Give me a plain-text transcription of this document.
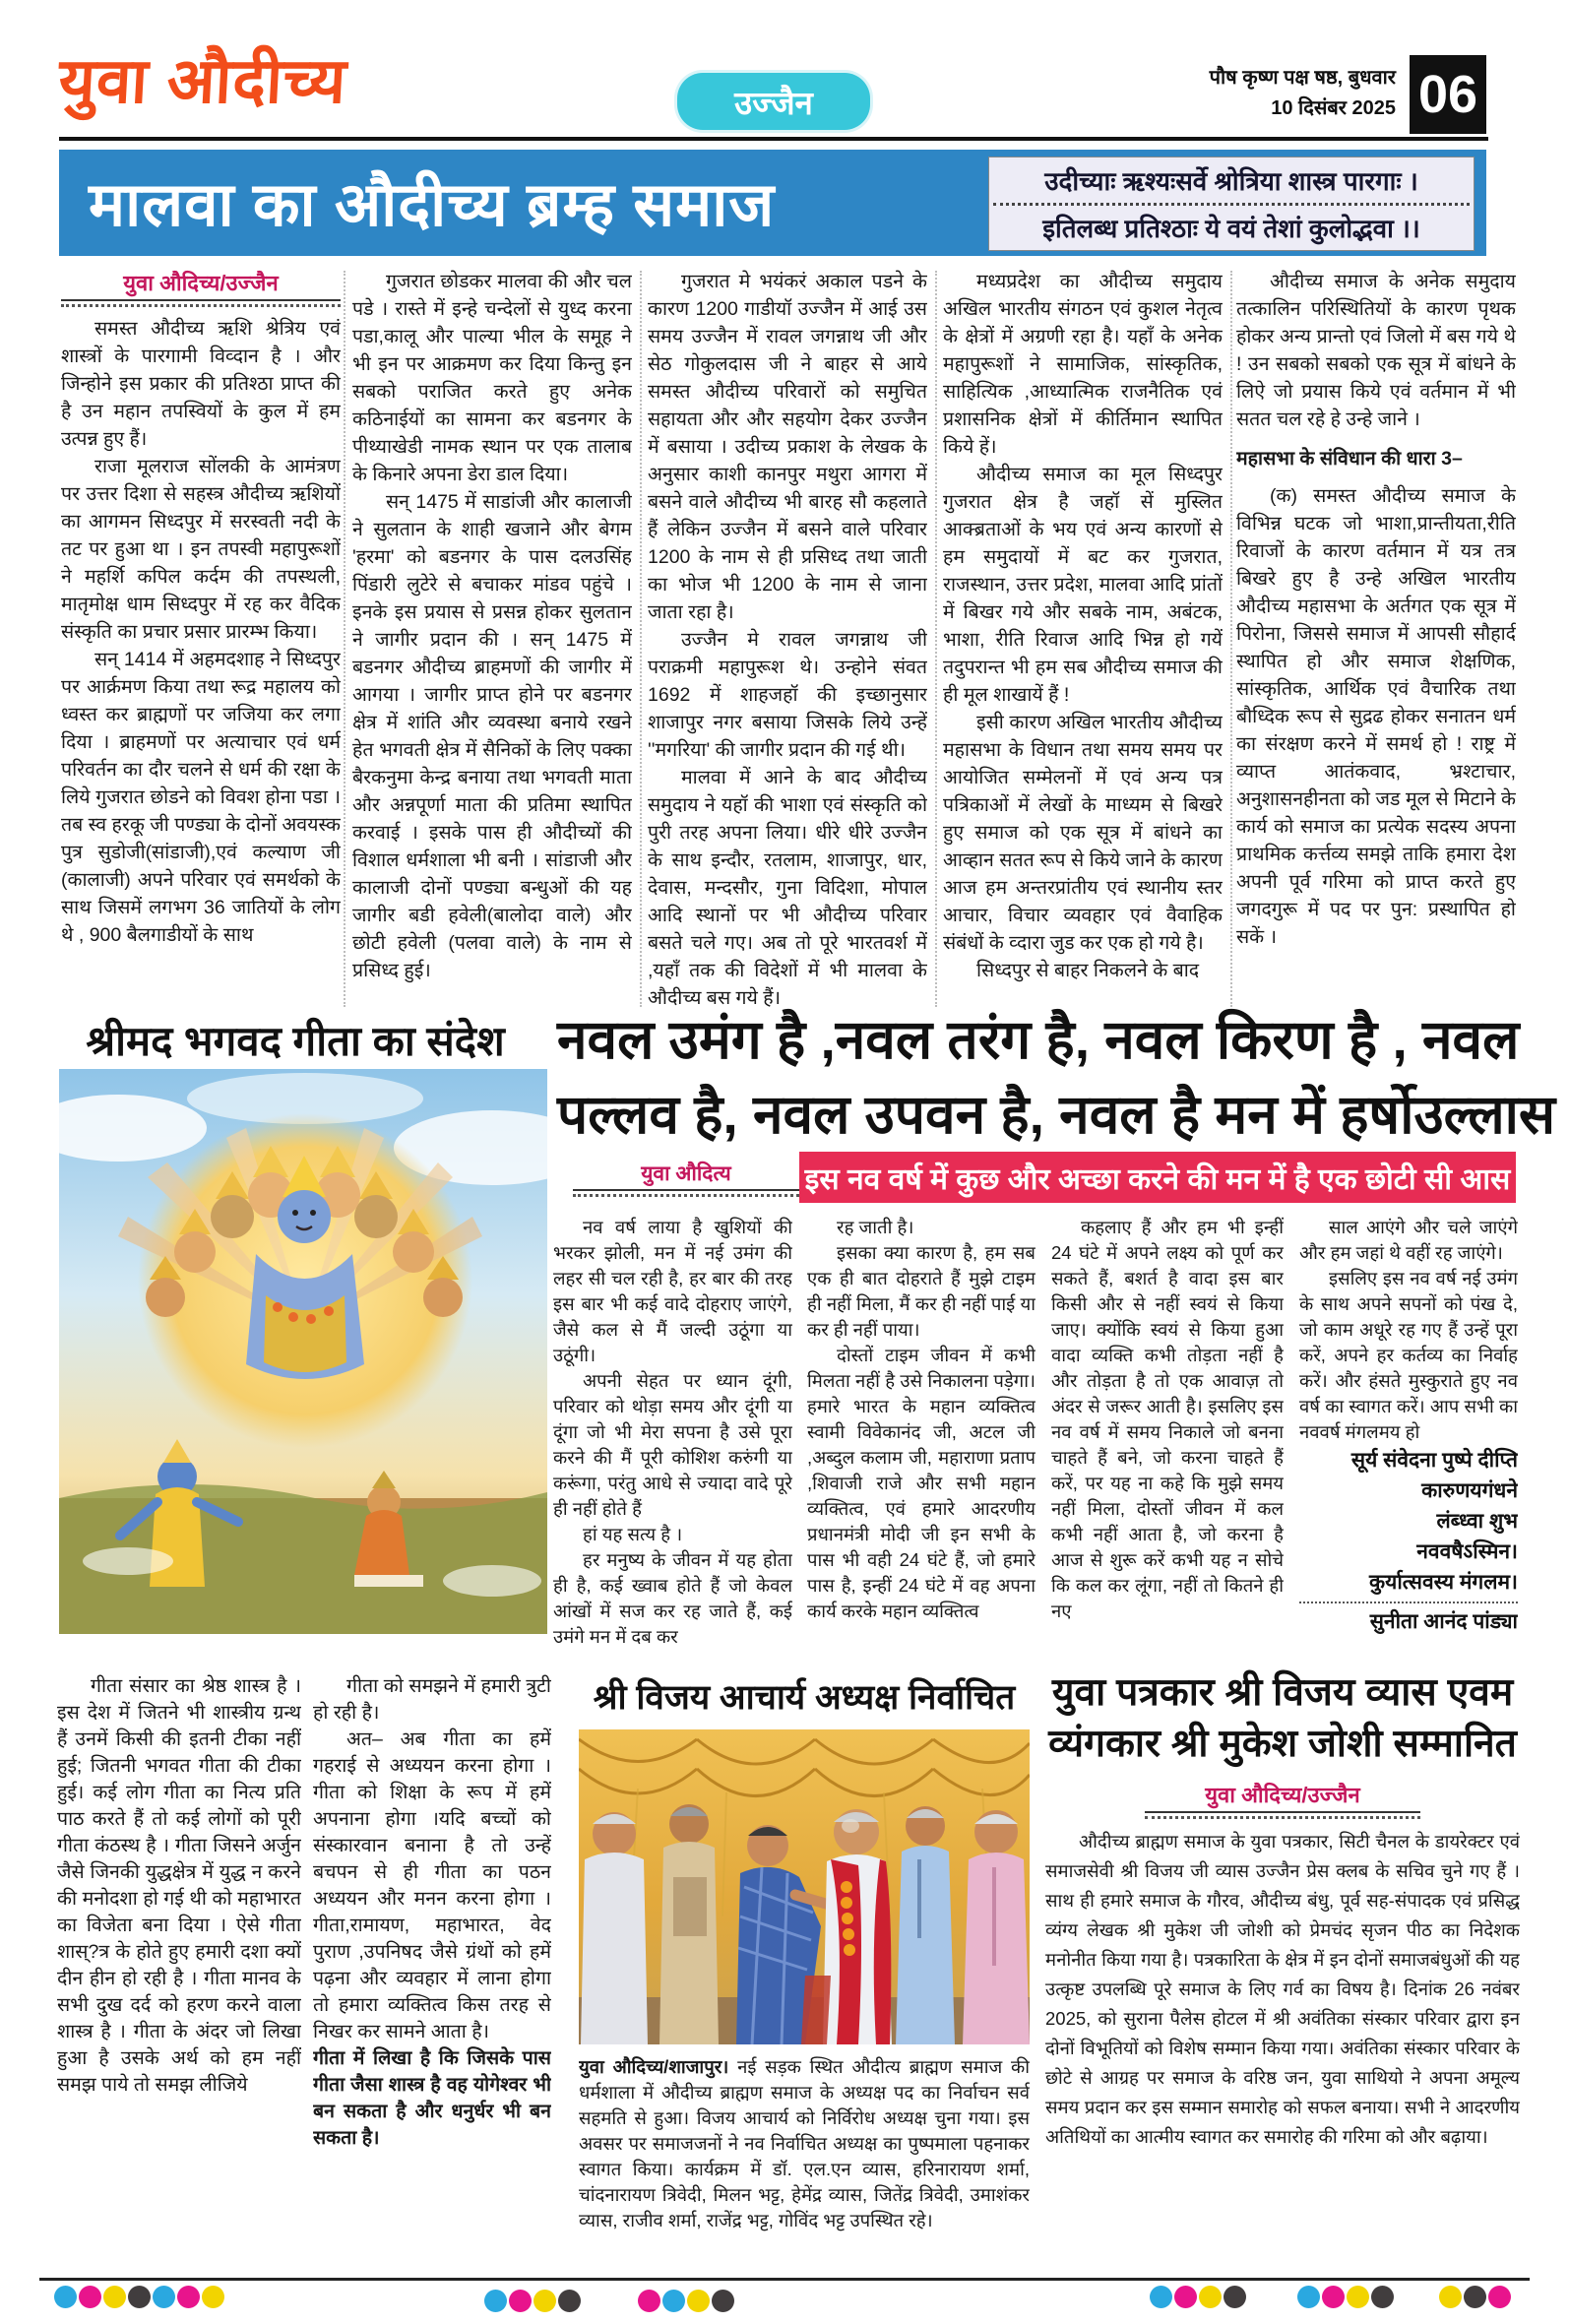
युवा औदीच्य	उज्जैन
पौष कृष्ण पक्ष षष्ठ, बुधवार
10 दिसंबर 2025 06
मालवा का औदीच्य ब्रम्ह समाज	उदीच्याः ऋश्यःसर्वे श्रोत्रिया शास्त्र पारगाः ।
इतिलब्ध प्रतिश्ठाः ये वयं तेशां कुलोद्भवा ।।
युवा औदिच्य/उज्जैन

समस्त औदीच्य ऋशि श्रेत्रिय एवं शास्त्रों के पारगामी विव्दान है । और जिन्होने इस प्रकार की प्रतिश्ठा प्राप्त की है उन महान तपस्वियों के कुल में हम उत्पन्न हुए हैं।

राजा मूलराज सोंलकी के आमंत्रण पर उत्तर दिशा से सहस्त्र औदीच्य ऋशियों का आगमन सिध्दपुर में सरस्वती नदी के तट पर हुआ था । इन तपस्वी महापुरूशों ने महर्शि कपिल कर्दम की तपस्थली, मातृमोक्ष धाम सिध्दपुर में रह कर वैदिक संस्कृति का प्रचार प्रसार प्रारम्भ किया।

सन् 1414 में अहमदशाह ने सिध्दपुर पर आर्क्रमण किया तथा रूद्र महालय को ध्वस्त कर ब्राह्मणों पर जजिया कर लगा दिया । ब्राहमणों पर अत्याचार एवं धर्म परिवर्तन का दौर चलने से धर्म की रक्षा के लिये गुजरात छोडने को विवश होना पडा । तब स्व हरकू जी पण्ड्या के दोनों अवयस्क पुत्र सुडोजी(सांडाजी),एवं कल्याण जी (कालाजी) अपने परिवार एवं समर्थको के साथ जिसमें लगभग 36 जातियों के लोग थे , 900 बैलगाडीयों के साथ

गुजरात छोडकर मालवा की और चल पडे । रास्ते में इन्हे चन्देलों से युध्द करना पडा,कालू और पाल्या भील के समूह ने भी इन पर आक्रमण कर दिया किन्तु इन सबको पराजित करते हुए अनेक कठिनाईयों का सामना कर बडनगर के पीथ्याखेडी नामक स्थान पर एक तालाब के किनारे अपना डेरा डाल दिया।

सन् 1475 में साडांजी और कालाजी ने सुलतान के शाही खजाने और बेगम 'हरमा' को बडनगर के पास दलउसिंह पिंडारी लुटेरे से बचाकर मांडव पहुंचे । इनके इस प्रयास से प्रसन्न होकर सुलतान ने जागीर प्रदान की । सन् 1475 में बडनगर औदीच्य ब्राहमणों की जागीर में आगया । जागीर प्राप्त होने पर बडनगर क्षेत्र में शांति और व्यवस्था बनाये रखने हेत भगवती क्षेत्र में सैनिकों के लिए पक्का बैरकनुमा केन्द्र बनाया तथा भगवती माता और अन्नपूर्णा माता की प्रतिमा स्थापित करवाई । इसके पास ही औदीच्यों की विशाल धर्मशाला भी बनी । सांडाजी और कालाजी दोनों पण्ड्या बन्धुओं की यह जागीर बडी हवेली(बालोदा वाले) और छोटी हवेली (पलवा वाले) के नाम से प्रसिध्द हुई।

गुजरात मे भयंकरं अकाल पडने के कारण 1200 गाडीयॉ उज्जैन में आई उस समय उज्जैन में रावल जगन्नाथ जी और सेठ गोकुलदास जी ने बाहर से आये समस्त औदीच्य परिवारों को समुचित सहायता और और सहयोग देकर उज्जैन में बसाया । उदीच्य प्रकाश के लेखक के अनुसार काशी कानपुर मथुरा आगरा में बसने वाले औदीच्य भी बारह सौ कहलाते हैं लेकिन उज्जैन में बसने वाले परिवार 1200 के नाम से ही प्रसिध्द तथा जाती का भोज भी 1200 के नाम से जाना जाता रहा है।

उज्जैन मे रावल जगन्नाथ जी पराक्रमी महापुरूश थे। उन्होने संवत 1692 में शाहजहॉ की इच्छानुसार शाजापुर नगर बसाया जिसके लिये उन्हें ''मगरिया' की जागीर प्रदान की गई थी।

मालवा में आने के बाद औदीच्य समुदाय ने यहॉ की भाशा एवं संस्कृति को पुरी तरह अपना लिया। धीरे धीरे उज्जैन के साथ इन्दौर, रतलाम, शाजापुर, धार, देवास, मन्दसौर, गुना विदिशा, मोपाल आदि स्थानों पर भी औदीच्य परिवार बसते चले गए। अब तो पूरे भारतवर्श में ,यहाँ तक की विदेशों में भी मालवा के औदीच्य बस गये हैं।

मध्यप्रदेश का औदीच्य समुदाय अखिल भारतीय संगठन एवं कुशल नेतृत्व के क्षेत्रों में अग्रणी रहा है। यहाँ के अनेक महापुरूशों ने सामाजिक, सांस्कृतिक, साहित्यिक ,आध्यात्मिक राजनैतिक एवं प्रशासनिक क्षेत्रों में कीर्तिमान स्थापित किये हें।

औदीच्य समाज का मूल सिध्दपुर गुजरात क्षेत्र है जहॉ सें मुस्लित आक्ब्रताओं के भय एवं अन्य कारणों से हम समुदायों में बट कर गुजरात, राजस्थान, उत्तर प्रदेश, मालवा आदि प्रांतों में बिखर गये और सबके नाम, अबंटक, भाशा, रीति रिवाज आदि भिन्न हो गयें तदुपरान्त भी हम सब औदीच्य समाज की ही मूल शाखायें हैं !

इसी कारण अखिल भारतीय औदीच्य महासभा के विधान तथा समय समय पर आयोजित सम्मेलनों में एवं अन्य पत्र पत्रिकाओं में लेखों के माध्यम से बिखरे हुए समाज को एक सूत्र में बांधने का आव्हान सतत रूप से किये जाने के कारण आज हम अन्तरप्रांतीय एवं स्थानीय स्तर आचार, विचार व्यवहार एवं वैवाहिक संबंधों के व्दारा जुड कर एक हो गये है।

सिध्दपुर से बाहर निकलने के बाद

औदीच्य समाज के अनेक समुदाय तत्कालिन परिस्थितियों के कारण पृथक होकर अन्य प्रान्तो एवं जिलो में बस गये थे ! उन सबको सबको एक सूत्र में बांधने के लिऐ जो प्रयास किये एवं वर्तमान में भी सतत चल रहे हे उन्हे जाने ।

महासभा के संविधान की धारा 3–

(क) समस्त औदीच्य समाज के विभिन्न घटक जो भाशा,प्रान्तीयता,रीति रिवाजों के कारण वर्तमान में यत्र तत्र बिखरे हुए है उन्हे अखिल भारतीय औदीच्य महासभा के अर्तगत एक सूत्र में पिरोना, जिससे समाज में आपसी सौहार्द स्थापित हो और समाज शेक्षणिक, सांस्कृतिक, आर्थिक एवं वैचारिक तथा बौध्दिक रूप से सुद्रढ होकर सनातन धर्म का संरक्षण करने में समर्थ हो ! राष्ट्र में व्याप्त आतंकवाद, भ्रश्टाचार, अनुशासनहीनता को जड मूल से मिटाने के कार्य को समाज का प्रत्येक सदस्य अपना प्राथमिक कर्त्तव्य समझे ताकि हमारा देश अपनी पूर्व गरिमा को प्राप्त करते हुए जगदगुरू में पद पर पुन: प्रस्थापित हो सकें ।

श्रीमद भगवद गीता का संदेश नवल उमंग है ,नवल तरंग है, नवल किरण है , नवल पल्लव है, नवल उपवन है, नवल है मन में हर्षोउल्लास
युवा औदित्य	इस नव वर्ष में कुछ और अच्छा करने की मन में है एक छोटी सी आस

नव वर्ष लाया है खुशियों की भरकर झोली, मन में नई उमंग की लहर सी चल रही है, हर बार की तरह इस बार भी कई वादे दोहराए जाएंगे, जैसे कल से मैं जल्दी उठूंगा या उठूंगी।

अपनी सेहत पर ध्यान दूंगी, परिवार को थोड़ा समय और दूंगी या दूंगा जो भी मेरा सपना है उसे पूरा करने की मैं पूरी कोशिश करुंगी या करूंगा, परंतु आधे से ज्यादा वादे पूरे ही नहीं होते हैं

हां यह सत्य है ।

हर मनुष्य के जीवन में यह होता ही है, कई ख्वाब होते हैं जो केवल आंखों में सज कर रह जाते हैं, कई उमंगे मन में दब कर

रह जाती है।

इसका क्या कारण है, हम सब एक ही बात दोहराते हैं मुझे टाइम ही नहीं मिला, मैं कर ही नहीं पाई या कर ही नहीं पाया।

दोस्तों टाइम जीवन में कभी मिलता नहीं है उसे निकालना पड़ेगा। हमारे भारत के महान व्यक्तित्व स्वामी विवेकानंद जी, अटल जी ,अब्दुल कलाम जी, महाराणा प्रताप ,शिवाजी राजे और सभी महान व्यक्तित्व, एवं हमारे आदरणीय प्रधानमंत्री मोदी जी इन सभी के पास भी वही 24 घंटे हैं, जो हमारे पास है, इन्हीं 24 घंटे में वह अपना कार्य करके महान व्यक्तित्व

कहलाए हैं और हम भी इन्हीं 24 घंटे में अपने लक्ष्य को पूर्ण कर सकते हैं, बशर्त है वादा इस बार किसी और से नहीं स्वयं से किया जाए। क्योंकि स्वयं से किया हुआ वादा व्यक्ति कभी तोड़ता नहीं है और तोड़ता है तो एक आवाज़ तो अंदर से जरूर आती है। इसलिए इस नव वर्ष में समय निकाले जो बनना चाहते हैं बने, जो करना चाहते हैं करें, पर यह ना कहे कि मुझे समय नहीं मिला, दोस्तों जीवन में कल कभी नहीं आता है, जो करना है आज से शुरू करें कभी यह न सोचे कि कल कर लूंगा, नहीं तो कितने ही नए

साल आएंगे और चले जाएंगे और हम जहां थे वहीं रह जाएंगे।

इसलिए इस नव वर्ष नई उमंग के साथ अपने सपनों को पंख दे, जो काम अधूरे रह गए हैं उन्हें पूरा करें, अपने हर कर्तव्य का निर्वाह करें। और हंसते मुस्कुराते हुए नव वर्ष का स्वागत करें। आप सभी का नववर्ष मंगलमय हो

सूर्य संवेदना पुष्पे दीप्ति
कारुणयगंधने
लंब्ध्वा शुभ
नववषैऽस्मिन।
कुर्यात्सवस्य मंगलम।
सुनीता आनंद पांड्या

गीता संसार का श्रेष्ठ शास्त्र है । इस देश में जितने भी शास्त्रीय ग्रन्थ हैं उनमें किसी की इतनी टीका नहीं हुई; जितनी भगवत गीता की टीका हुई। कई लोग गीता का नित्य प्रति पाठ करते हैं तो कई लोगों को पूरी गीता कंठस्थ है । गीता जिसने अर्जुन जैसे जिनकी युद्धक्षेत्र में युद्ध न करने की मनोदशा हो गई थी को महाभारत का विजेता बना दिया । ऐसे गीता शास्?त्र के होते हुए हमारी दशा क्यों दीन हीन हो रही है । गीता मानव के सभी दुख दर्द को हरण करने वाला शास्त्र है । गीता के अंदर जो लिखा हुआ है उसके अर्थ को हम नहीं समझ पाये तो समझ लीजिये

गीता को समझने में हमारी त्रुटी हो रही है।

अत– अब गीता का हमें गहराई से अध्ययन करना होगा । गीता को शिक्षा के रूप में हमें अपनाना होगा ।यदि बच्चों को संस्कारवान बनाना है तो उन्हें बचपन से ही गीता का पठन अध्ययन और मनन करना होगा । गीता,रामायण, महाभारत, वेद पुराण ,उपनिषद जैसे ग्रंथों को हमें पढ़ना और व्यवहार में लाना होगा तो हमारा व्यक्तित्व किस तरह से निखर कर सामने आता है।

गीता में लिखा है कि जिसके पास गीता जैसा शास्त्र है वह योगेश्वर भी बन सकता है और धनुर्धर भी बन सकता है।

श्री विजय आचार्य अध्यक्ष निर्वाचित

युवा औदिच्य/शाजापुर। नई सड़क स्थित औदीत्य ब्राह्मण समाज की धर्मशाला में औदीच्य ब्राह्मण समाज के अध्यक्ष पद का निर्वाचन सर्व सहमति से हुआ। विजय आचार्य को निर्विरोध अध्यक्ष चुना गया। इस अवसर पर समाजजनों ने नव निर्वाचित अध्यक्ष का पुष्पमाला पहनाकर स्वागत किया। कार्यक्रम में डॉ. एल.एन व्यास, हरिनारायण शर्मा, चांदनारायण त्रिवेदी, मिलन भट्ट, हेमेंद्र व्यास, जितेंद्र त्रिवेदी, उमाशंकर व्यास, राजीव शर्मा, राजेंद्र भट्ट, गोविंद भट्ट उपस्थित रहे।

युवा पत्रकार श्री विजय व्यास एवम
व्यंगकार श्री मुकेश जोशी सम्मानित
युवा औदिच्य/उज्जैन

औदीच्य ब्राह्मण समाज के युवा पत्रकार, सिटी चैनल के डायरेक्टर एवं समाजसेवी श्री विजय जी व्यास उज्जैन प्रेस क्लब के सचिव चुने गए हैं ।साथ ही हमारे समाज के गौरव, औदीच्य बंधु, पूर्व सह-संपादक एवं प्रसिद्ध व्यंग्य लेखक श्री मुकेश जी जोशी को प्रेमचंद सृजन पीठ का निदेशक मनोनीत किया गया है। पत्रकारिता के क्षेत्र में इन दोनों समाजबंधुओं की यह उत्कृष्ट उपलब्धि पूरे समाज के लिए गर्व का विषय है। दिनांक 26 नवंबर 2025, को सुराना पैलेस होटल में श्री अवंतिका संस्कार परिवार द्वारा इन दोनों विभूतियों को विशेष सम्मान किया गया। अवंतिका संस्कार परिवार के छोटे से आग्रह पर समाज के वरिष्ठ जन, युवा साथियो ने अपना अमूल्य समय प्रदान कर इस सम्मान समारोह को सफल बनाया। सभी ने आदरणीय अतिथियों का आत्मीय स्वागत कर समारोह की गरिमा को और बढ़ाया।
